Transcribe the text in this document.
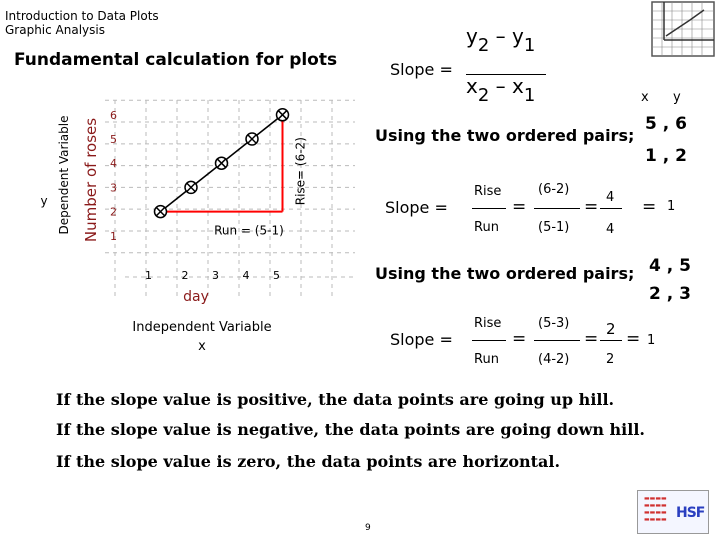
Introduction to Data Plots
Graphic Analysis
Fundamental calculation for plots	Slope =
y2 – y1
x2 – x1	x y
1
2
3
4
5
6
1	2 3 4 5
Rise= (6-2)
Run = (5-1)
day
Independent Variable
x
Number of roses
Dependent Variable
y
Using the two ordered pairs;
5 , 6
1 , 2
Slope =
Rise
Run
=
(6-2)
(5-1)
= 4
4
= 1
Using the two ordered pairs; 4 , 5
2 , 3
Slope =
Rise
Run
=
(5-3)
(4-2)
= 2
2
= 1
If the slope value is positive, the data points are going up hill.
If the slope value is negative, the data points are going down hill.
If the slope value is zero, the data points are horizontal.
9
▬▬▬▬
▬▬▬▬
▬▬▬▬
▬▬▬▬ HSF
